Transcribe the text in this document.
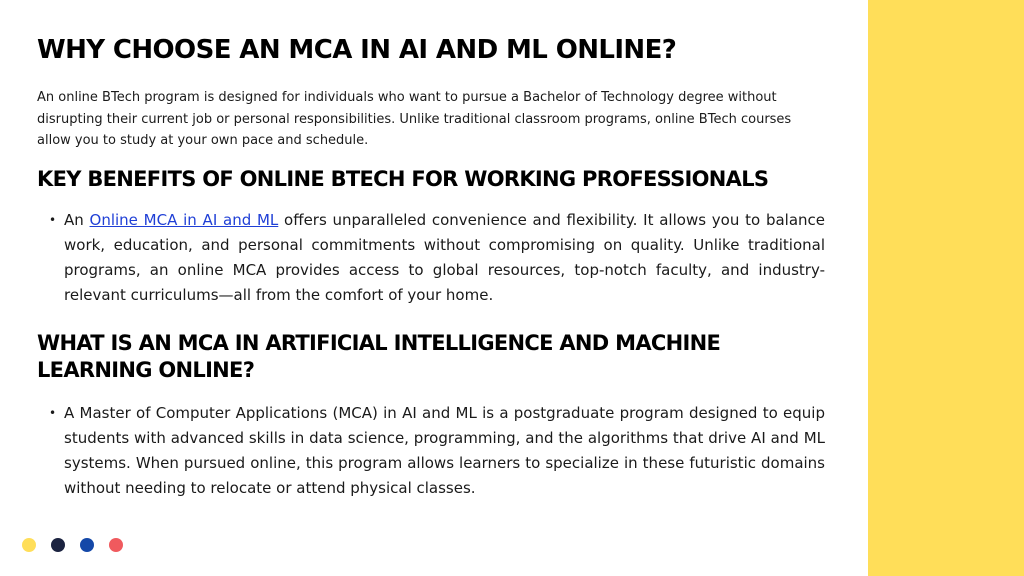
WHY CHOOSE AN MCA IN AI AND ML ONLINE?

An online BTech program is designed for individuals who want to pursue a Bachelor of Technology degree without disrupting their current job or personal responsibilities. Unlike traditional classroom programs, online BTech courses allow you to study at your own pace and schedule.

KEY BENEFITS OF ONLINE BTECH FOR WORKING PROFESSIONALS
• An Online MCA in AI and ML offers unparalleled convenience and flexibility. It allows you to balance work, education, and personal commitments without compromising on quality. Unlike traditional programs, an online MCA provides access to global resources, top-notch faculty, and industry-relevant curriculums—all from the comfort of your home.
WHAT IS AN MCA IN ARTIFICIAL INTELLIGENCE AND MACHINE LEARNING ONLINE?
• A Master of Computer Applications (MCA) in AI and ML is a postgraduate program designed to equip students with advanced skills in data science, programming, and the algorithms that drive AI and ML systems. When pursued online, this program allows learners to specialize in these futuristic domains without needing to relocate or attend physical classes.
